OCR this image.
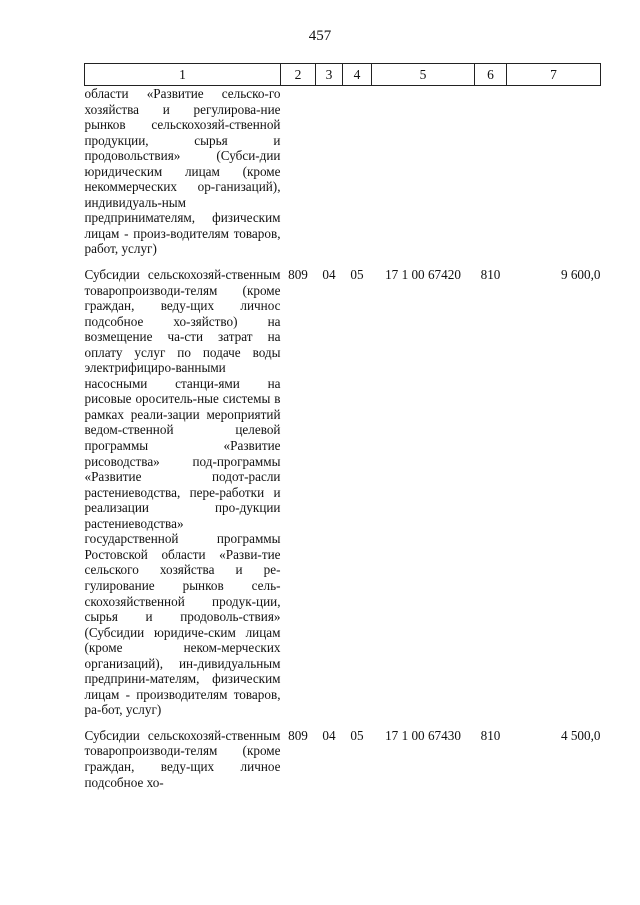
457
1	2	3	4	5	6	7
области «Развитие сельско-го хозяйства и регулирова-ние рынков сельскохозяй-ственной продукции, сырья и продовольствия» (Субси-дии юридическим лицам (кроме некоммерческих ор-ганизаций), индивидуаль-ным предпринимателям, физическим лицам - произ-водителям товаров, работ, услуг)						

Субсидии сельскохозяй-ственным товаропроизводи-телям (кроме граждан, веду-щих личнос подсобное хо-зяйство) на возмещение ча-сти затрат на оплату услуг по подаче воды электрифициро-ванными насосными станци-ями на рисовые ороситель-ные системы в рамках реали-зации мероприятий ведом-ственной целевой программы «Развитие рисоводства» под-программы «Развитие подот-расли растениеводства, пере-работки и реализации про-дукции растениеводства» государственной программы Ростовской области «Разви-тие сельского хозяйства и ре-гулирование рынков сель-скохозяйственной продук-ции, сырья и продоволь-ствия» (Субсидии юридиче-ским лицам (кроме неком-мерческих организаций), ин-дивидуальным предприни-мателям, физическим лицам - производителям товаров, ра-бот, услуг)	809	04	05	17 1 00 67420	810	9 600,0

Субсидии сельскохозяй-ственным товаропроизводи-телям (кроме граждан, веду-щих личное подсобное хо-	809	04	05	17 1 00 67430	810	4 500,0
